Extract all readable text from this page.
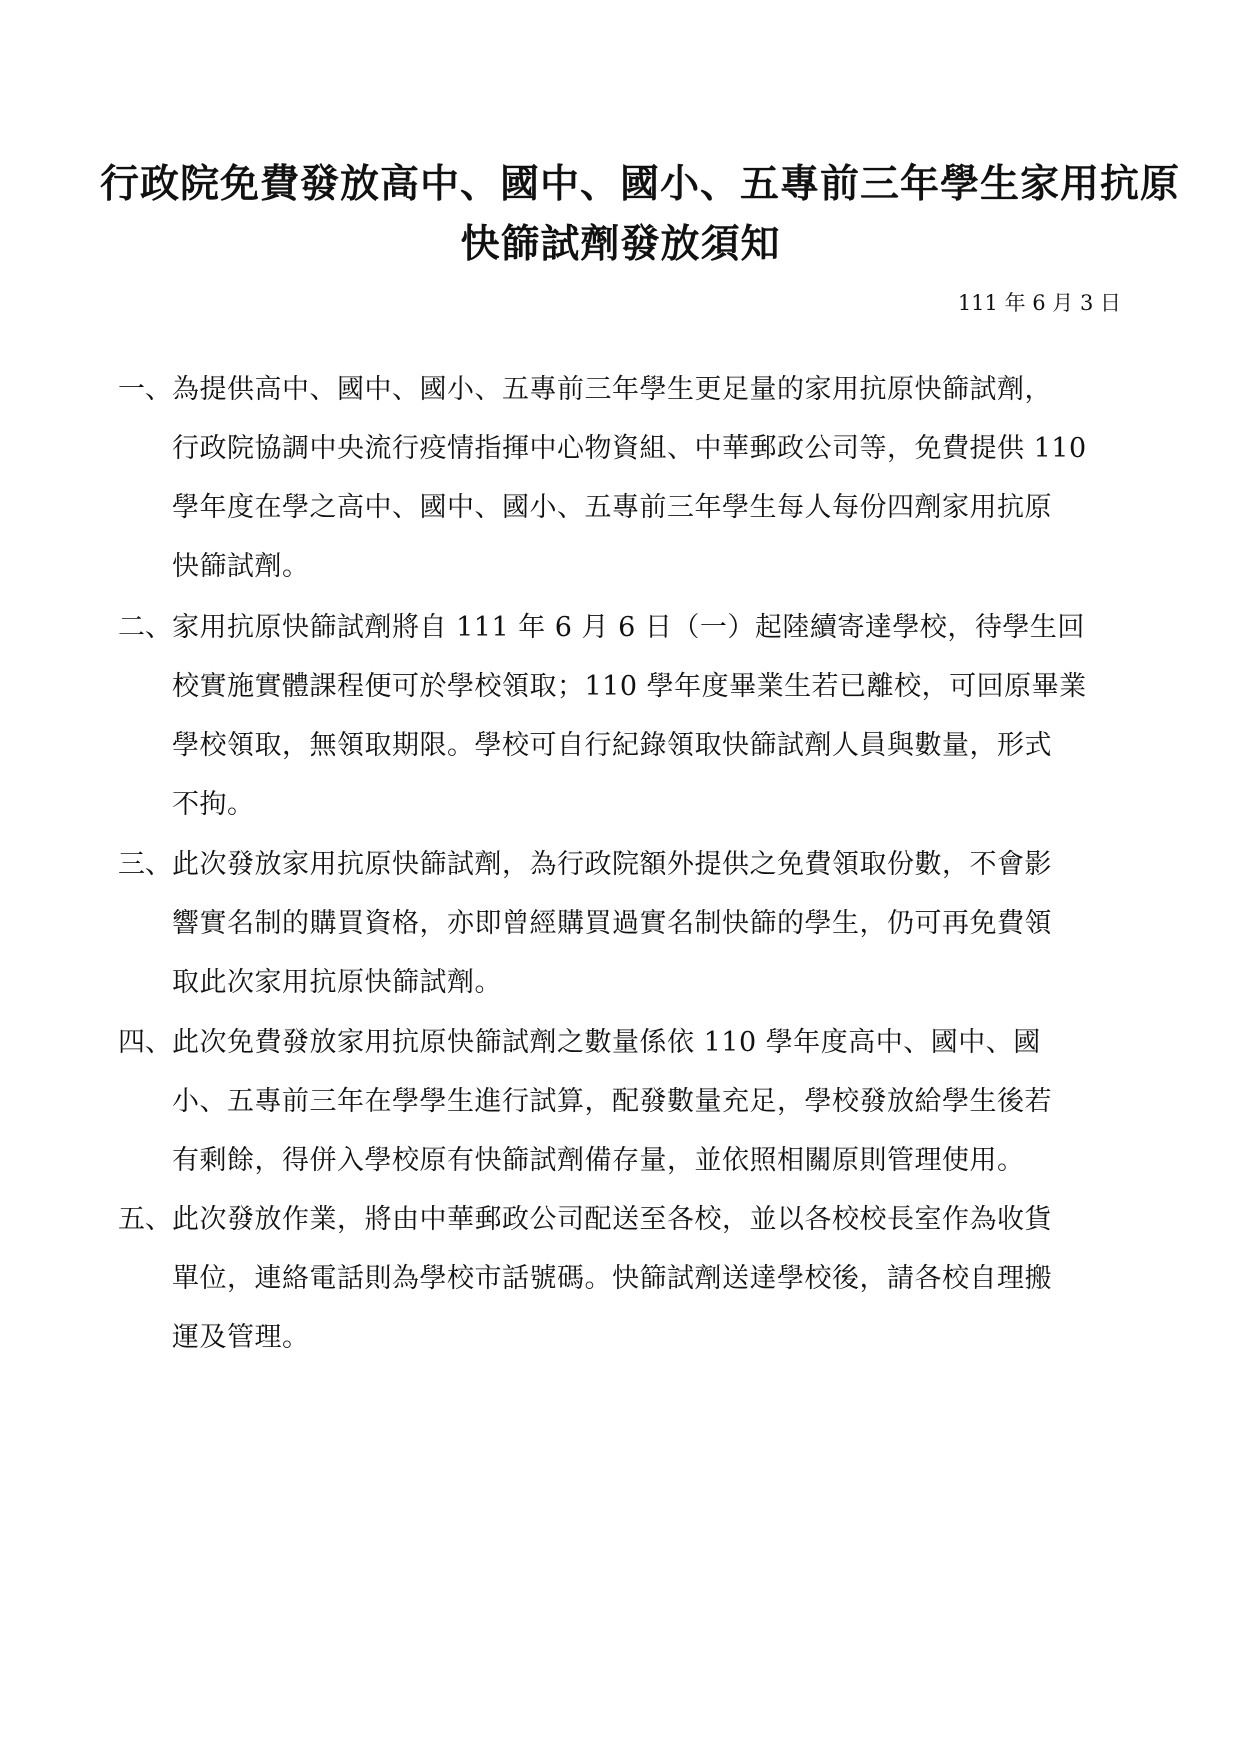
行政院免費發放高中、國中、國小、五專前三年學生家用抗原
快篩試劑發放須知
111 年 6 月 3 日
一、 為提供高中、國中、國小、五專前三年學生更足量的家用抗原快篩試劑，
行政院協調中央流行疫情指揮中心物資組、中華郵政公司等，免費提供 110
學年度在學之高中、國中、國小、五專前三年學生每人每份四劑家用抗原
快篩試劑。
二、 家用抗原快篩試劑將自 111 年 6 月 6 日（一）起陸續寄達學校，待學生回
校實施實體課程便可於學校領取；110 學年度畢業生若已離校，可回原畢業
學校領取，無領取期限。學校可自行紀錄領取快篩試劑人員與數量，形式
不拘。
三、 此次發放家用抗原快篩試劑，為行政院額外提供之免費領取份數，不會影
響實名制的購買資格，亦即曾經購買過實名制快篩的學生，仍可再免費領
取此次家用抗原快篩試劑。
四、 此次免費發放家用抗原快篩試劑之數量係依 110 學年度高中、國中、國
小、五專前三年在學學生進行試算，配發數量充足，學校發放給學生後若
有剩餘，得併入學校原有快篩試劑備存量，並依照相關原則管理使用。
五、 此次發放作業，將由中華郵政公司配送至各校，並以各校校長室作為收貨
單位，連絡電話則為學校市話號碼。快篩試劑送達學校後，請各校自理搬
運及管理。
